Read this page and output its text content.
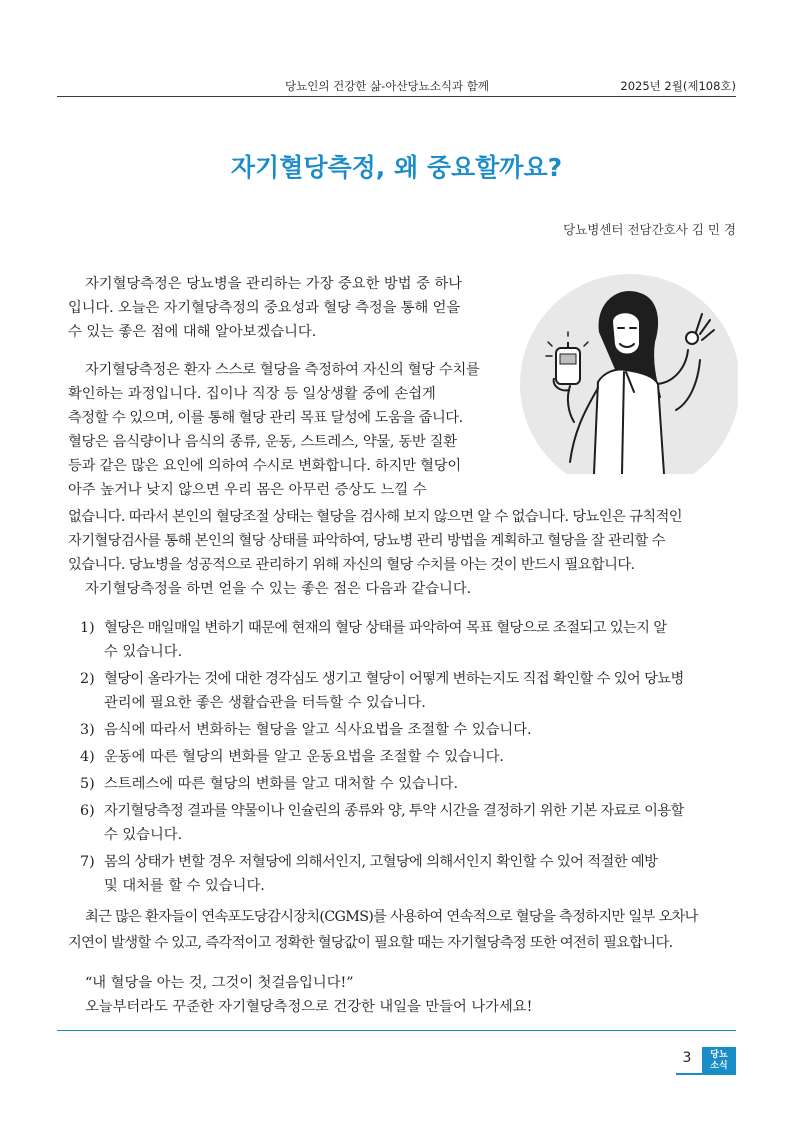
당뇨인의 건강한 삶-아산당뇨소식과 함께	2025년 2월(제108호)
자기혈당측정, 왜 중요할까요?
당뇨병센터 전담간호사 김 민 경

자기혈당측정은 당뇨병을 관리하는 가장 중요한 방법 중 하나

입니다. 오늘은 자기혈당측정의 중요성과 혈당 측정을 통해 얻을

수 있는 좋은 점에 대해 알아보겠습니다.

자기혈당측정은 환자 스스로 혈당을 측정하여 자신의 혈당 수치를

확인하는 과정입니다. 집이나 직장 등 일상생활 중에 손쉽게

측정할 수 있으며, 이를 통해 혈당 관리 목표 달성에 도움을 줍니다.

혈당은 음식량이나 음식의 종류, 운동, 스트레스, 약물, 동반 질환

등과 같은 많은 요인에 의하여 수시로 변화합니다. 하지만 혈당이

아주 높거나 낮지 않으면 우리 몸은 아무런 증상도 느낄 수

없습니다. 따라서 본인의 혈당조절 상태는 혈당을 검사해 보지 않으면 알 수 없습니다. 당뇨인은 규칙적인

자기혈당검사를 통해 본인의 혈당 상태를 파악하여, 당뇨병 관리 방법을 계획하고 혈당을 잘 관리할 수

있습니다. 당뇨병을 성공적으로 관리하기 위해 자신의 혈당 수치를 아는 것이 반드시 필요합니다.

자기혈당측정을 하면 얻을 수 있는 좋은 점은 다음과 같습니다.

1) 혈당은 매일매일 변하기 때문에 현재의 혈당 상태를 파악하여 목표 혈당으로 조절되고 있는지 알
수 있습니다.
2) 혈당이 올라가는 것에 대한 경각심도 생기고 혈당이 어떻게 변하는지도 직접 확인할 수 있어 당뇨병
관리에 필요한 좋은 생활습관을 터득할 수 있습니다.
3) 음식에 따라서 변화하는 혈당을 알고 식사요법을 조절할 수 있습니다.
4) 운동에 따른 혈당의 변화를 알고 운동요법을 조절할 수 있습니다.
5) 스트레스에 따른 혈당의 변화를 알고 대처할 수 있습니다.
6) 자기혈당측정 결과를 약물이나 인슐린의 종류와 양, 투약 시간을 결정하기 위한 기본 자료로 이용할
수 있습니다.
7) 몸의 상태가 변할 경우 저혈당에 의해서인지, 고혈당에 의해서인지 확인할 수 있어 적절한 예방
및 대처를 할 수 있습니다.

최근 많은 환자들이 연속포도당감시장치(CGMS)를 사용하여 연속적으로 혈당을 측정하지만 일부 오차나

지연이 발생할 수 있고, 즉각적이고 정확한 혈당값이 필요할 때는 자기혈당측정 또한 여전히 필요합니다.

“내 혈당을 아는 것, 그것이 첫걸음입니다!”

오늘부터라도 꾸준한 자기혈당측정으로 건강한 내일을 만들어 나가세요!

3	당뇨
소식
